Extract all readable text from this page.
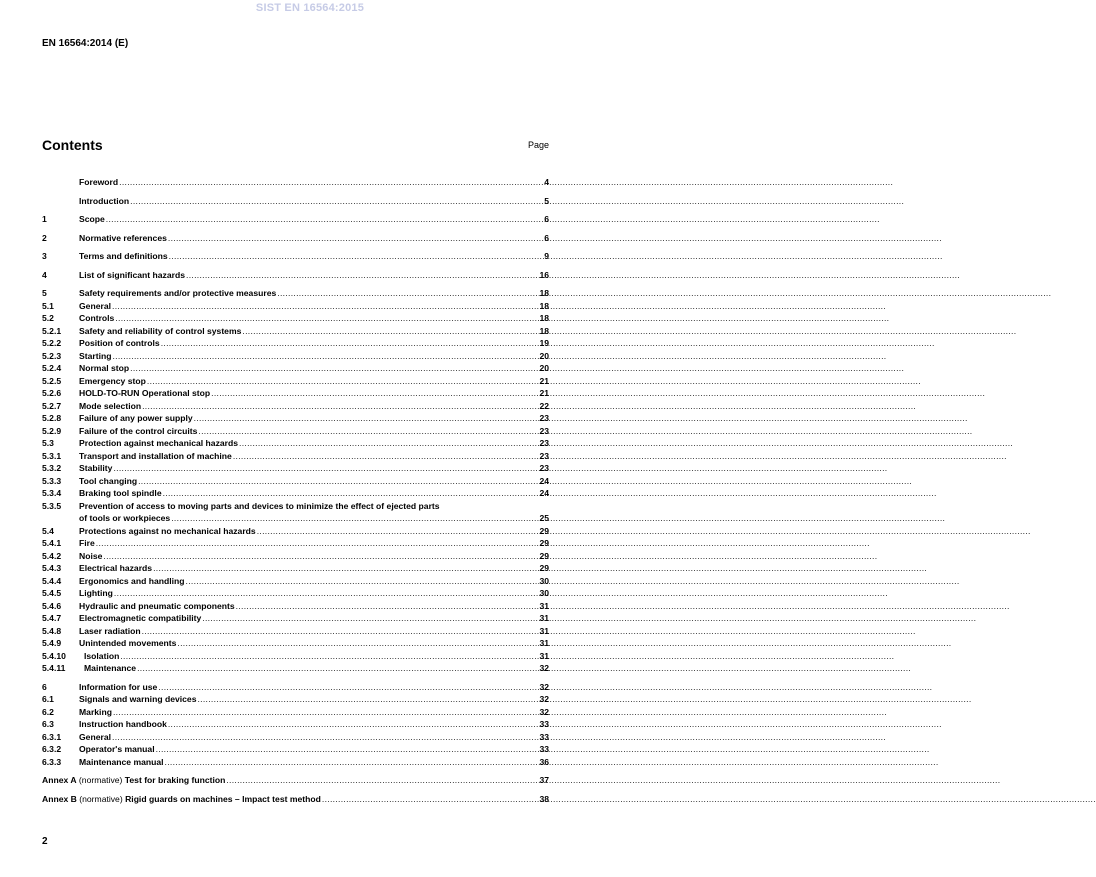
SIST EN 16564:2015
EN 16564:2014 (E)
Contents	Page
Foreword .....	4
Introduction .....	5
1	Scope .....	6
2	Normative references .....	6
3	Terms and definitions .....	9
4	List of significant hazards .....	16
5	Safety requirements and/or protective measures .....	18
5.1	General .....	18
5.2	Controls .....	18
5.2.1	Safety and reliability of control systems .....	18
5.2.2	Position of controls .....	19
5.2.3	Starting .....	20
5.2.4	Normal stop .....	20
5.2.5	Emergency stop .....	21
5.2.6	HOLD-TO-RUN Operational stop .....	21
5.2.7	Mode selection .....	22
5.2.8	Failure of any power supply .....	23
5.2.9	Failure of the control circuits .....	23
5.3	Protection against mechanical hazards .....	23
5.3.1	Transport and installation of machine .....	23
5.3.2	Stability .....	23
5.3.3	Tool changing .....	24
5.3.4	Braking tool spindle .....	24
5.3.5	Prevention of access to moving parts and devices to minimize the effect of ejected parts
of tools or workpieces .....	25
5.4	Protections against no mechanical hazards .....	29
5.4.1	Fire .....	29
5.4.2	Noise .....	29
5.4.3	Electrical hazards .....	29
5.4.4	Ergonomics and handling .....	30
5.4.5	Lighting .....	30
5.4.6	Hydraulic and pneumatic components .....	31
5.4.7	Electromagnetic compatibility .....	31
5.4.8	Laser radiation .....	31
5.4.9	Unintended movements .....	31
5.4.10	Isolation .....	31
5.4.11	Maintenance .....	32
6	Information for use .....	32
6.1	Signals and warning devices .....	32
6.2	Marking .....	32
6.3	Instruction handbook .....	33
6.3.1	General .....	33
6.3.2	Operator's manual .....	33
6.3.3	Maintenance manual .....	36
Annex A (normative) Test for braking function .....	37
Annex B (normative) Rigid guards on machines – Impact test method .....	38
2
